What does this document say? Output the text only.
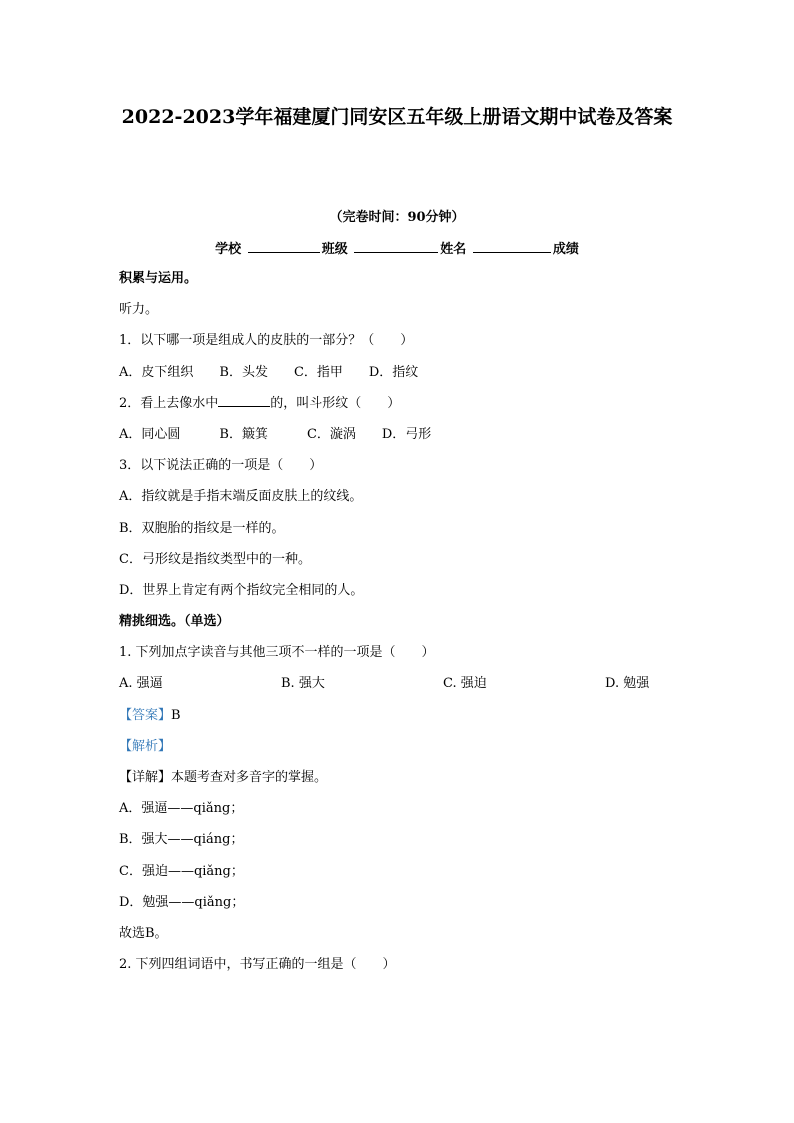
2022-2023学年福建厦门同安区五年级上册语文期中试卷及答案
（完卷时间：90分钟）
学校	班级	姓名	成绩
积累与运用。
听力。
1．以下哪一项是组成人的皮肤的一部分？（　　）
A．皮下组织　　B．头发　　C．指甲　　D．指纹
2．看上去像水中	的，叫斗形纹（　　）
A．同心圆　　　B．簸箕　　　C．漩涡　　D．弓形
3．以下说法正确的一项是（　　）
A．指纹就是手指末端反面皮肤上的纹线。
B．双胞胎的指纹是一样的。
C．弓形纹是指纹类型中的一种。
D．世界上肯定有两个指纹完全相同的人。
精挑细选。（单选）
1. 下列加点字读音与其他三项不一样的一项是（　　）
A. 强逼	B. 强大	C. 强迫	D. 勉强
【答案】B
【解析】
【详解】本题考查对多音字的掌握。
A．强逼——qiǎng；
B．强大——qiáng；
C．强迫——qiǎng；
D．勉强——qiǎng；
故选B。
2. 下列四组词语中，书写正确的一组是（　　）
